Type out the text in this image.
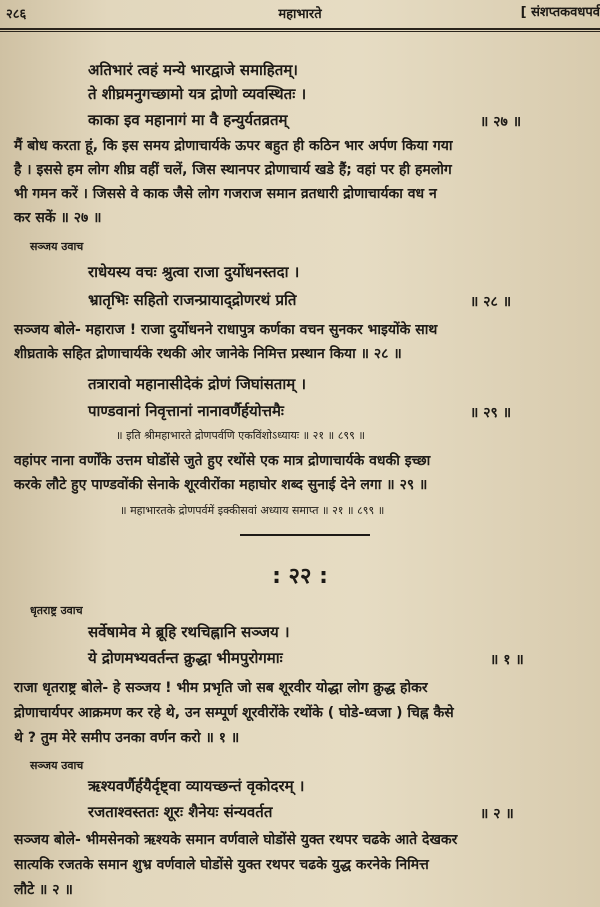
२८६	महाभारते	[ संशप्तकवधपर्व
अतिभारं त्वहं मन्ये भारद्वाजे समाहितम्।
ते शीघ्रमनुगच्छामो यत्र द्रोणो व्यवस्थितः ।
काका इव महानागं मा वै हन्युर्यतव्रतम्	॥ २७ ॥
मैं बोध करता हूं, कि इस समय द्रोणाचार्यके ऊपर बहुत ही कठिन भार अर्पण किया गया
है । इससे हम लोग शीघ्र वहीं चलें, जिस स्थानपर द्रोणाचार्य खडे हैं; वहां पर ही हमलोग
भी गमन करें । जिससे वे काक जैसे लोग गजराज समान व्रतधारी द्रोणाचार्यका वध न
कर सकें ॥ २७ ॥
सञ्जय उवाच
राधेयस्य वचः श्रुत्वा राजा दुर्योधनस्तदा ।
भ्रातृभिः सहितो राजन्प्रायाद्द्रोणरथं प्रति	॥ २८ ॥
सञ्जय बोले- महाराज ! राजा दुर्योधनने राधापुत्र कर्णका वचन सुनकर भाइयोंके साथ
शीघ्रताके सहित द्रोणाचार्यके रथकी ओर जानेके निमित्त प्रस्थान किया ॥ २८ ॥
तत्रारावो महानासीदेकं द्रोणं जिघांसताम् ।
पाण्डवानां निवृत्तानां नानावर्णैर्हयोत्तमैः	॥ २९ ॥
॥ इति श्रीमहाभारते द्रोणपर्वणि एकविंशोऽध्यायः ॥ २१ ॥ ८९९ ॥
वहांपर नाना वर्णोंके उत्तम घोडोंसे जुते हुए रथोंसे एक मात्र द्रोणाचार्यके वधकी इच्छा
करके लौटे हुए पाण्डवोंकी सेनाके शूरवीरोंका महाघोर शब्द सुनाई देने लगा ॥ २९ ॥
॥ महाभारतके द्रोणपर्वमें इक्कीसवां अध्याय समाप्त ॥ २१ ॥ ८९९ ॥
: २२ :
धृतराष्ट्र उवाच
सर्वेषामेव मे ब्रूहि रथचिह्नानि सञ्जय ।
ये द्रोणमभ्यवर्तन्त क्रुद्धा भीमपुरोगमाः	॥ १ ॥
राजा धृतराष्ट्र बोले- हे सञ्जय ! भीम प्रभृति जो सब शूरवीर योद्धा लोग क्रुद्ध होकर
द्रोणाचार्यपर आक्रमण कर रहे थे, उन सम्पूर्ण शूरवीरोंके रथोंके ( घोडे-ध्वजा ) चिह्न कैसे
थे ? तुम मेरे समीप उनका वर्णन करो ॥ १ ॥
सञ्जय उवाच
ऋश्यवर्णैर्हयैर्दृष्ट्वा व्यायच्छन्तं वृकोदरम् ।
रजताश्वस्ततः शूरः शैनेयः संन्यवर्तत	॥ २ ॥
सञ्जय बोले- भीमसेनको ऋश्यके समान वर्णवाले घोडोंसे युक्त रथपर चढके आते देखकर
सात्यकि रजतके समान शुभ्र वर्णवाले घोडोंसे युक्त रथपर चढके युद्ध करनेके निमित्त
लौटे ॥ २ ॥
